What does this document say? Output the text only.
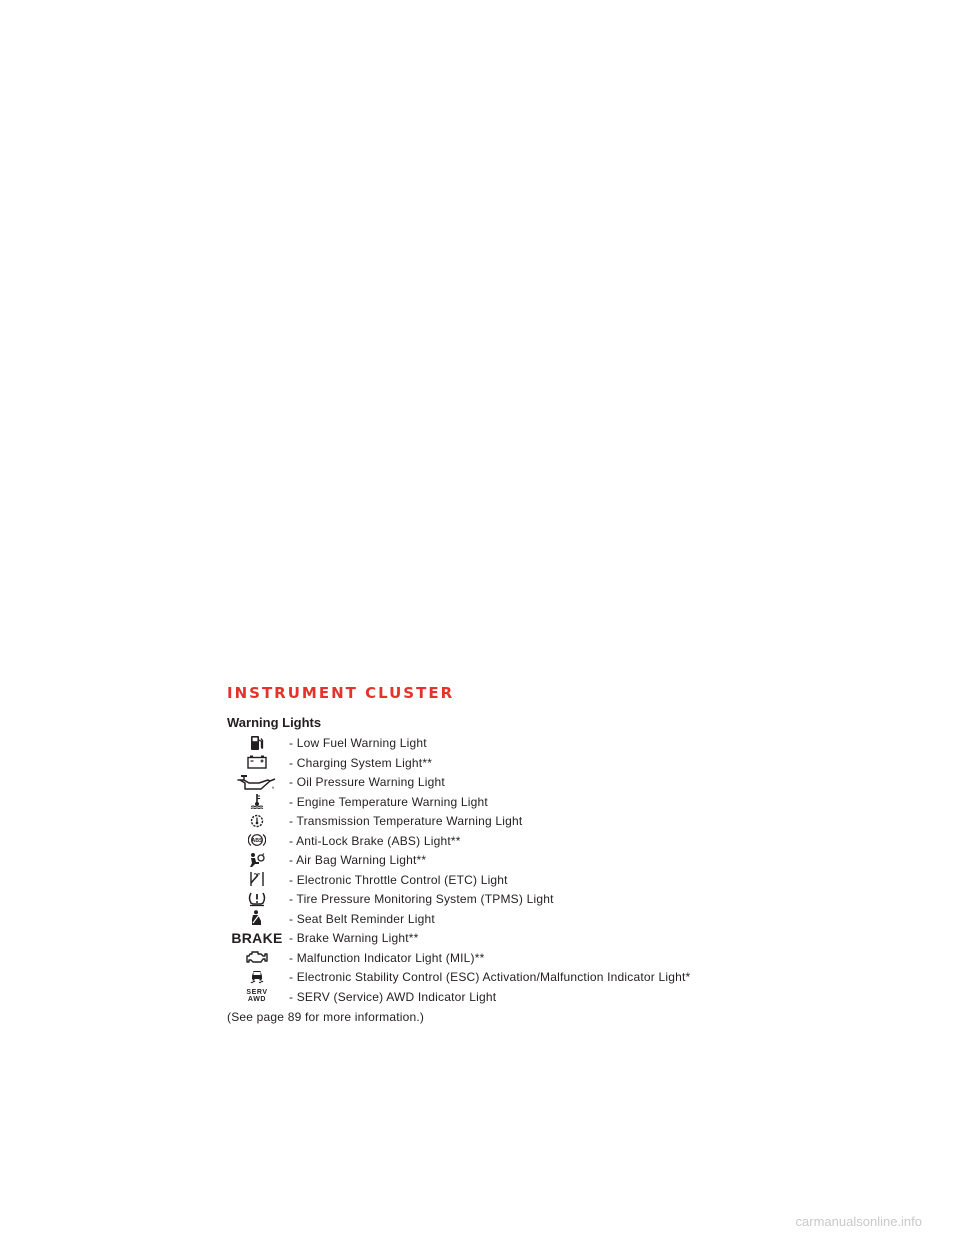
INSTRUMENT CLUSTER
Warning Lights
- Low Fuel Warning Light
- Charging System Light**
- Oil Pressure Warning Light
- Engine Temperature Warning Light
- Transmission Temperature Warning Light
ABS - Anti-Lock Brake (ABS) Light**
- Air Bag Warning Light**
- Electronic Throttle Control (ETC) Light
- Tire Pressure Monitoring System (TPMS) Light
- Seat Belt Reminder Light
BRAKE - Brake Warning Light**
- Malfunction Indicator Light (MIL)**
- Electronic Stability Control (ESC) Activation/Malfunction Indicator Light*
SERV
AWD - SERV (Service) AWD Indicator Light

(See page 89 for more information.)

carmanualsonline.info
